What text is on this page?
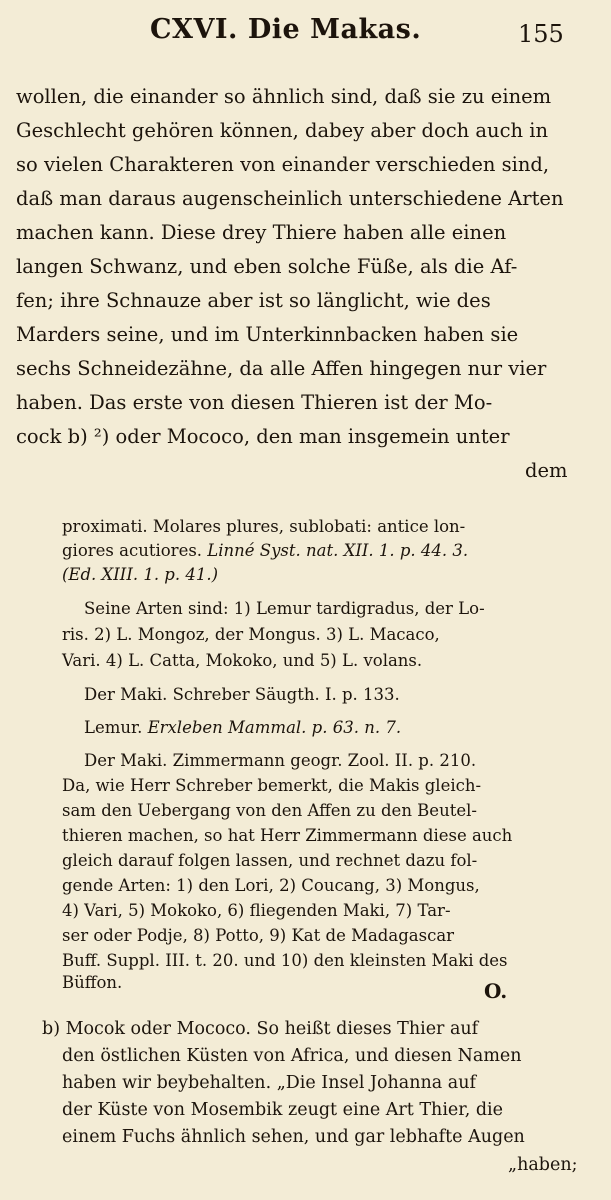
CXVI. Die Makas.	155
wollen, die einander so ähnlich sind, daß sie zu einem
Geschlecht gehören können, dabey aber doch auch in
so vielen Charakteren von einander verschieden sind,
daß man daraus augenscheinlich unterschiedene Arten
machen kann. Diese drey Thiere haben alle einen
langen Schwanz, und eben solche Füße, als die Af-
fen; ihre Schnauze aber ist so länglicht, wie des
Marders seine, und im Unterkinnbacken haben sie
sechs Schneidezähne, da alle Affen hingegen nur vier
haben. Das erste von diesen Thieren ist der Mo-
cock b) ²) oder Mococo, den man insgemein unter
dem
proximati. Molares plures, sublobati: antice lon-
giores acutiores. Linné Syst. nat. XII. 1. p. 44. 3.
(Ed. XIII. 1. p. 41.)
Seine Arten sind: 1) Lemur tardigradus, der Lo-
ris. 2) L. Mongoz, der Mongus. 3) L. Macaco,
Vari. 4) L. Catta, Mokoko, und 5) L. volans.
Der Maki. Schreber Säugth. I. p. 133.
Lemur. Erxleben Mammal. p. 63. n. 7.
Der Maki. Zimmermann geogr. Zool. II. p. 210.
Da, wie Herr Schreber bemerkt, die Makis gleich-
sam den Uebergang von den Affen zu den Beutel-
thieren machen, so hat Herr Zimmermann diese auch
gleich darauf folgen lassen, und rechnet dazu fol-
gende Arten: 1) den Lori, 2) Coucang, 3) Mongus,
4) Vari, 5) Mokoko, 6) fliegenden Maki, 7) Tar-
ser oder Podje, 8) Potto, 9) Kat de Madagascar
Buff. Suppl. III. t. 20. und 10) den kleinsten Maki des
Büffon.	O.
b) Mocok oder Mococo. So heißt dieses Thier auf
den östlichen Küsten von Africa, und diesen Namen
haben wir beybehalten. „Die Insel Johanna auf
der Küste von Mosembik zeugt eine Art Thier, die
einem Fuchs ähnlich sehen, und gar lebhafte Augen
„haben;
